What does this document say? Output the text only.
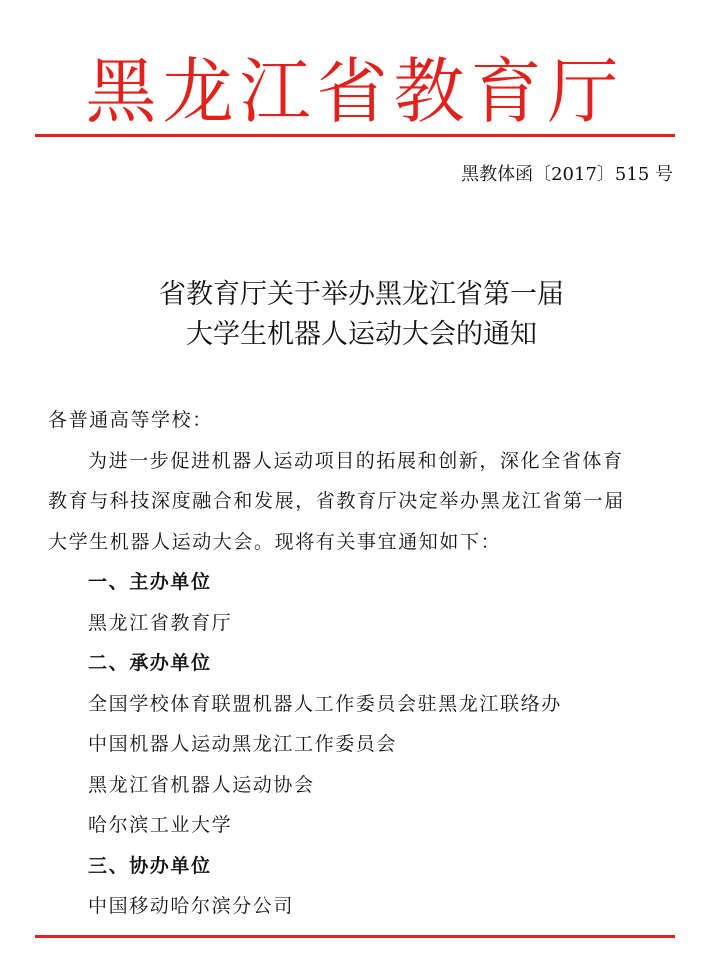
黑龙江省教育厅
黑教体函〔2017〕515 号
省教育厅关于举办黑龙江省第一届
大学生机器人运动大会的通知
各普通高等学校：
为进一步促进机器人运动项目的拓展和创新，深化全省体育
教育与科技深度融合和发展，省教育厅决定举办黑龙江省第一届
大学生机器人运动大会。现将有关事宜通知如下：
一、主办单位
黑龙江省教育厅
二、承办单位
全国学校体育联盟机器人工作委员会驻黑龙江联络办
中国机器人运动黑龙江工作委员会
黑龙江省机器人运动协会
哈尔滨工业大学
三、协办单位
中国移动哈尔滨分公司
